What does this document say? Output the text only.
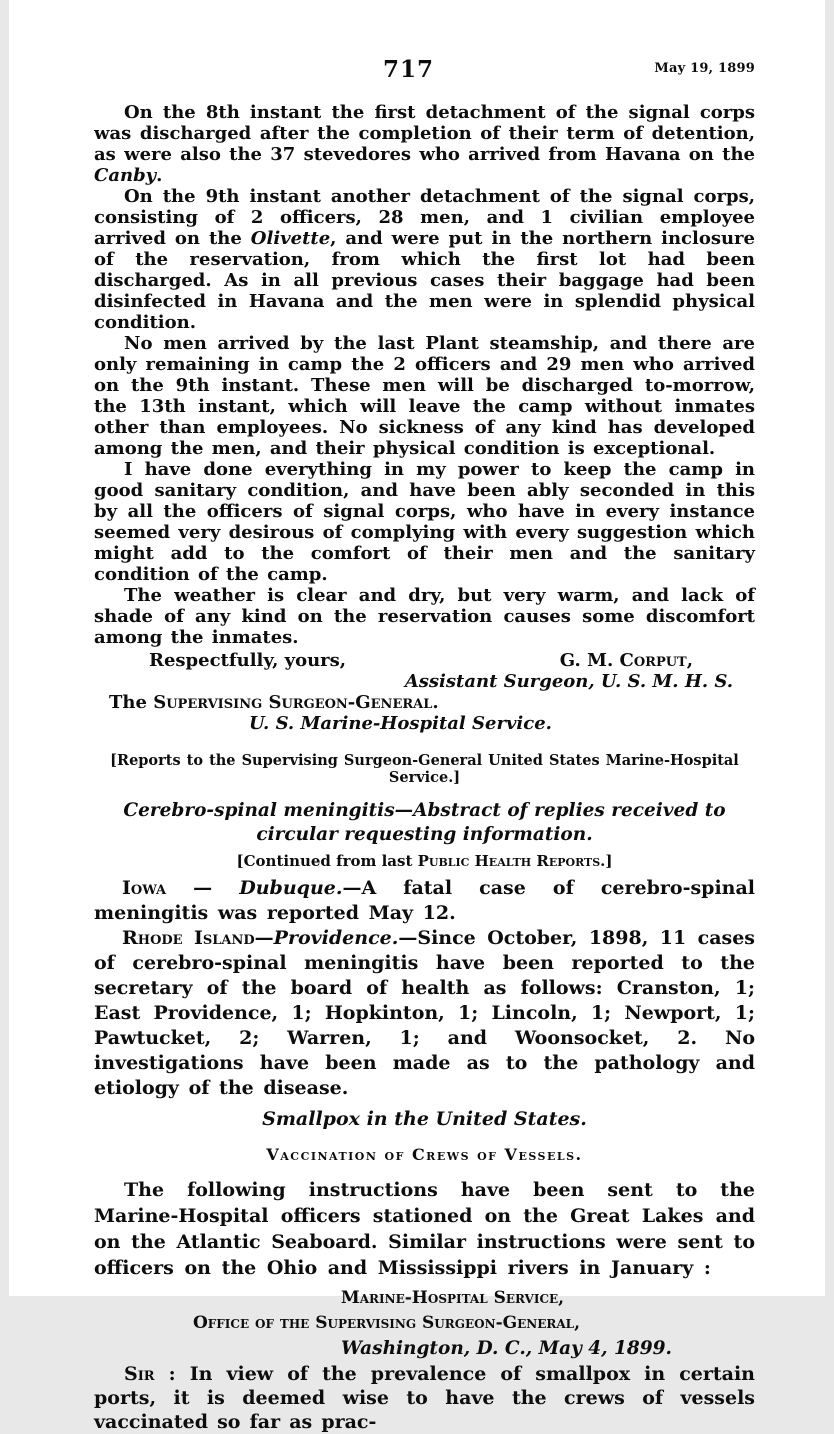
717	May 19, 1899

On the 8th instant the first detachment of the signal corps was discharged after the completion of their term of detention, as were also the 37 stevedores who arrived from Havana on the Canby.

On the 9th instant another detachment of the signal corps, consisting of 2 officers, 28 men, and 1 civilian employee arrived on the Olivette, and were put in the northern inclosure of the reservation, from which the first lot had been discharged. As in all previous cases their baggage had been disinfected in Havana and the men were in splendid physical condition.

No men arrived by the last Plant steamship, and there are only remaining in camp the 2 officers and 29 men who arrived on the 9th instant. These men will be discharged to-morrow, the 13th instant, which will leave the camp without inmates other than employees. No sickness of any kind has developed among the men, and their physical condition is exceptional.

I have done everything in my power to keep the camp in good sanitary condition, and have been ably seconded in this by all the officers of signal corps, who have in every instance seemed very desirous of complying with every suggestion which might add to the comfort of their men and the sanitary condition of the camp.

The weather is clear and dry, but very warm, and lack of shade of any kind on the reservation causes some discomfort among the inmates.

Respectfully, yours,	G. M. Corput,
Assistant Surgeon, U. S. M. H. S.
The Supervising Surgeon-General.
U. S. Marine-Hospital Service.
[Reports to the Supervising Surgeon-General United States Marine-Hospital Service.]
Cerebro-spinal meningitis—Abstract of replies received to circular requesting information.
[Continued from last Public Health Reports.]

Iowa — Dubuque.—A fatal case of cerebro-spinal meningitis was reported May 12.

Rhode Island—Providence.—Since October, 1898, 11 cases of cerebro-spinal meningitis have been reported to the secretary of the board of health as follows: Cranston, 1; East Providence, 1; Hopkinton, 1; Lincoln, 1; Newport, 1; Pawtucket, 2; Warren, 1; and Woonsocket, 2. No investigations have been made as to the pathology and etiology of the disease.

Smallpox in the United States.
Vaccination of Crews of Vessels.

The following instructions have been sent to the Marine-Hospital officers stationed on the Great Lakes and on the Atlantic Seaboard. Similar instructions were sent to officers on the Ohio and Mississippi rivers in January :

Marine-Hospital Service,
Office of the Supervising Surgeon-General,
Washington, D. C., May 4, 1899.

Sir : In view of the prevalence of smallpox in certain ports, it is deemed wise to have the crews of vessels vaccinated so far as prac-
